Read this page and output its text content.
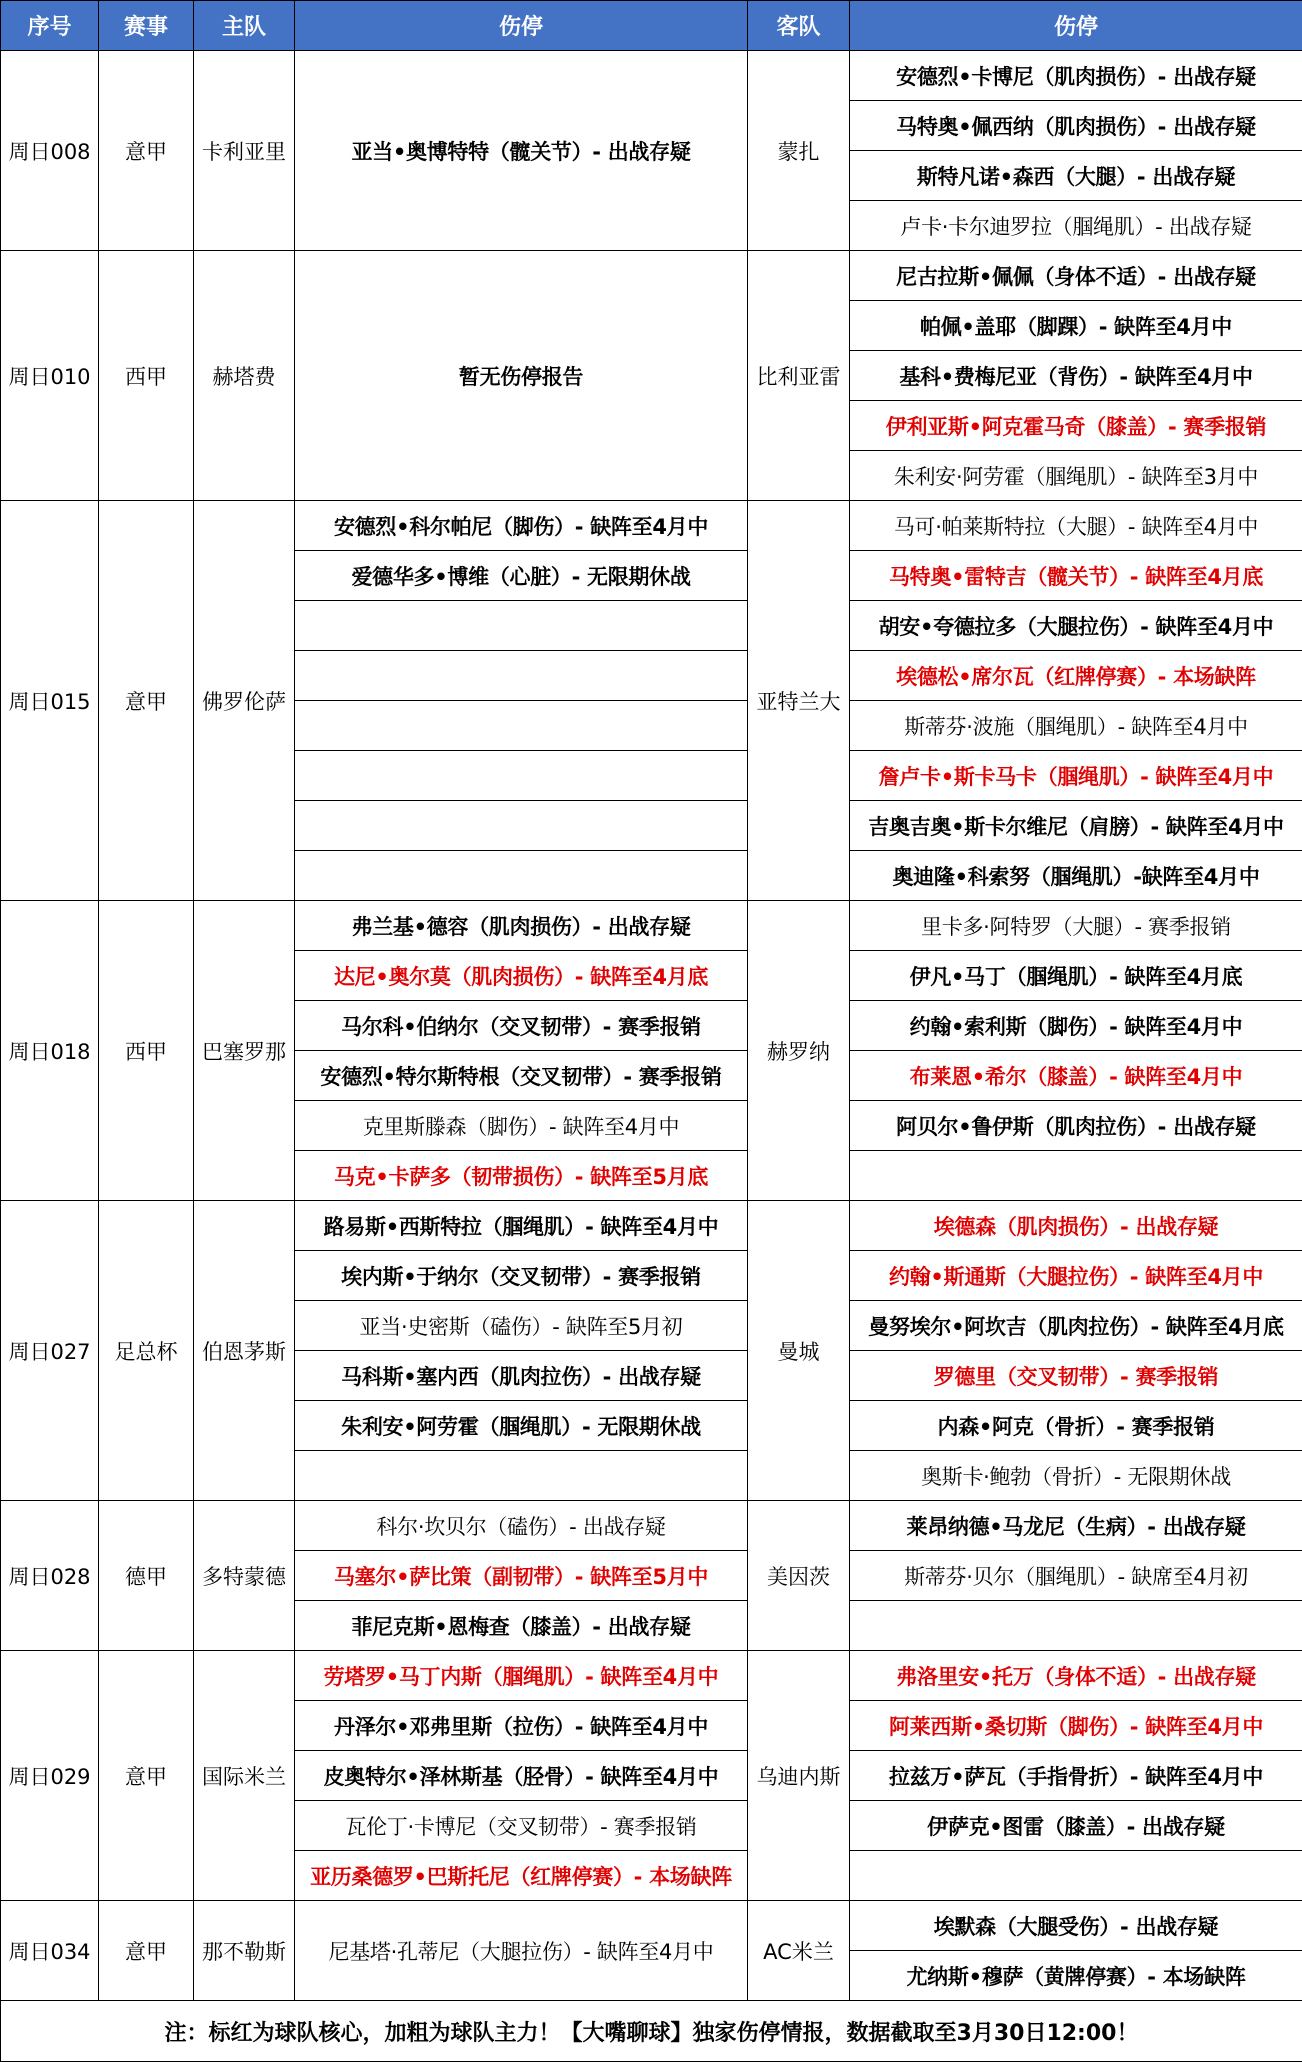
序号	赛事	主队	伤停	客队	伤停
周日008	意甲	卡利亚里	亚当•奥博特特（髋关节）- 出战存疑	蒙扎	安德烈•卡博尼（肌肉损伤）- 出战存疑
					马特奥•佩西纳（肌肉损伤）- 出战存疑
					斯特凡诺•森西（大腿）- 出战存疑
					卢卡·卡尔迪罗拉（腘绳肌）- 出战存疑
周日010	西甲	赫塔费	暂无伤停报告	比利亚雷	尼古拉斯•佩佩（身体不适）- 出战存疑
					帕佩•盖耶（脚踝）- 缺阵至4月中
					基科•费梅尼亚（背伤）- 缺阵至4月中
					伊利亚斯•阿克霍马奇（膝盖）- 赛季报销
					朱利安·阿劳霍（腘绳肌）- 缺阵至3月中
周日015	意甲	佛罗伦萨	安德烈•科尔帕尼（脚伤）- 缺阵至4月中	亚特兰大	马可·帕莱斯特拉（大腿）- 缺阵至4月中
			爱德华多•博维（心脏）- 无限期休战		马特奥•雷特吉（髋关节）- 缺阵至4月底
					胡安•夸德拉多（大腿拉伤）- 缺阵至4月中
					埃德松•席尔瓦（红牌停赛）- 本场缺阵
					斯蒂芬·波施（腘绳肌）- 缺阵至4月中
					詹卢卡•斯卡马卡（腘绳肌）- 缺阵至4月中
					吉奥吉奥•斯卡尔维尼（肩膀）- 缺阵至4月中
					奥迪隆•科索努（腘绳肌）-缺阵至4月中
周日018	西甲	巴塞罗那	弗兰基•德容（肌肉损伤）- 出战存疑	赫罗纳	里卡多·阿特罗（大腿）- 赛季报销
			达尼•奥尔莫（肌肉损伤）- 缺阵至4月底		伊凡•马丁（腘绳肌）- 缺阵至4月底
			马尔科•伯纳尔（交叉韧带）- 赛季报销		约翰•索利斯（脚伤）- 缺阵至4月中
			安德烈•特尔斯特根（交叉韧带）- 赛季报销		布莱恩•希尔（膝盖）- 缺阵至4月中
			克里斯滕森（脚伤）- 缺阵至4月中		阿贝尔•鲁伊斯（肌肉拉伤）- 出战存疑
			马克•卡萨多（韧带损伤）- 缺阵至5月底		
周日027	足总杯	伯恩茅斯	路易斯•西斯特拉（腘绳肌）- 缺阵至4月中	曼城	埃德森（肌肉损伤）- 出战存疑
			埃内斯•于纳尔（交叉韧带）- 赛季报销		约翰•斯通斯（大腿拉伤）- 缺阵至4月中
			亚当·史密斯（磕伤）- 缺阵至5月初		曼努埃尔•阿坎吉（肌肉拉伤）- 缺阵至4月底
			马科斯•塞内西（肌肉拉伤）- 出战存疑		罗德里（交叉韧带）- 赛季报销
			朱利安•阿劳霍（腘绳肌）- 无限期休战		内森•阿克（骨折）- 赛季报销
					奥斯卡·鲍勃（骨折）- 无限期休战
周日028	德甲	多特蒙德	科尔·坎贝尔（磕伤）- 出战存疑	美因茨	莱昂纳德•马龙尼（生病）- 出战存疑
			马塞尔•萨比策（副韧带）- 缺阵至5月中		斯蒂芬·贝尔（腘绳肌）- 缺席至4月初
			菲尼克斯•恩梅查（膝盖）- 出战存疑		
周日029	意甲	国际米兰	劳塔罗•马丁内斯（腘绳肌）- 缺阵至4月中	乌迪内斯	弗洛里安•托万（身体不适）- 出战存疑
			丹泽尔•邓弗里斯（拉伤）- 缺阵至4月中		阿莱西斯•桑切斯（脚伤）- 缺阵至4月中
			皮奥特尔•泽林斯基（胫骨）- 缺阵至4月中		拉兹万•萨瓦（手指骨折）- 缺阵至4月中
			瓦伦丁·卡博尼（交叉韧带）- 赛季报销		伊萨克•图雷（膝盖）- 出战存疑
			亚历桑德罗•巴斯托尼（红牌停赛）- 本场缺阵		
周日034	意甲	那不勒斯	尼基塔·孔蒂尼（大腿拉伤）- 缺阵至4月中	AC米兰	埃默森（大腿受伤）- 出战存疑
					尤纳斯•穆萨（黄牌停赛）- 本场缺阵
注：标红为球队核心，加粗为球队主力！【大嘴聊球】独家伤停情报，数据截取至3月30日12:00！					
